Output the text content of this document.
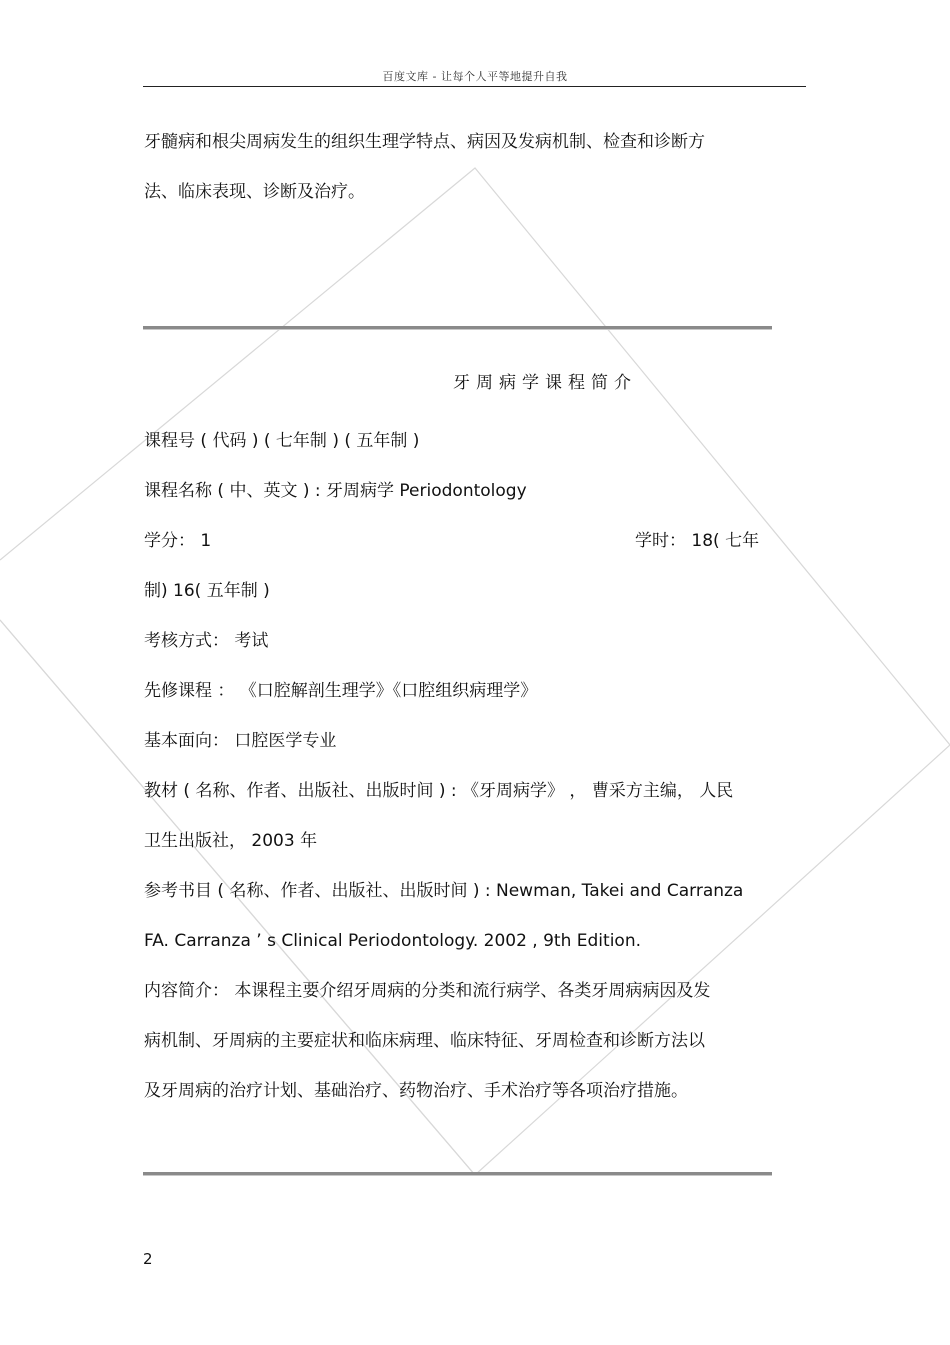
百度文库 - 让每个人平等地提升自我
牙髓病和根尖周病发生的组织生理学特点、病因及发病机制、检查和诊断方
法、临床表现、诊断及治疗。
牙周病学课程简介
课程号 ( 代码 ) ( 七年制 ) ( 五年制 )
课程名称 ( 中、英文 ) : 牙周病学 Periodontology
学分： 1	学时： 18( 七年
制) 16( 五年制 )
考核方式： 考试
先修课程 ： 《口腔解剖生理学》《口腔组织病理学》
基本面向： 口腔医学专业
教材 ( 名称、作者、出版社、出版时间 ) : 《牙周病学》 ， 曹采方主编， 人民
卫生出版社， 2003 年
参考书目 ( 名称、作者、出版社、出版时间 ) : Newman, Takei and Carranza
FA. Carranza ’ s Clinical Periodontology. 2002 , 9th Edition.
内容简介： 本课程主要介绍牙周病的分类和流行病学、各类牙周病病因及发
病机制、牙周病的主要症状和临床病理、临床特征、牙周检查和诊断方法以
及牙周病的治疗计划、基础治疗、药物治疗、手术治疗等各项治疗措施。
2
